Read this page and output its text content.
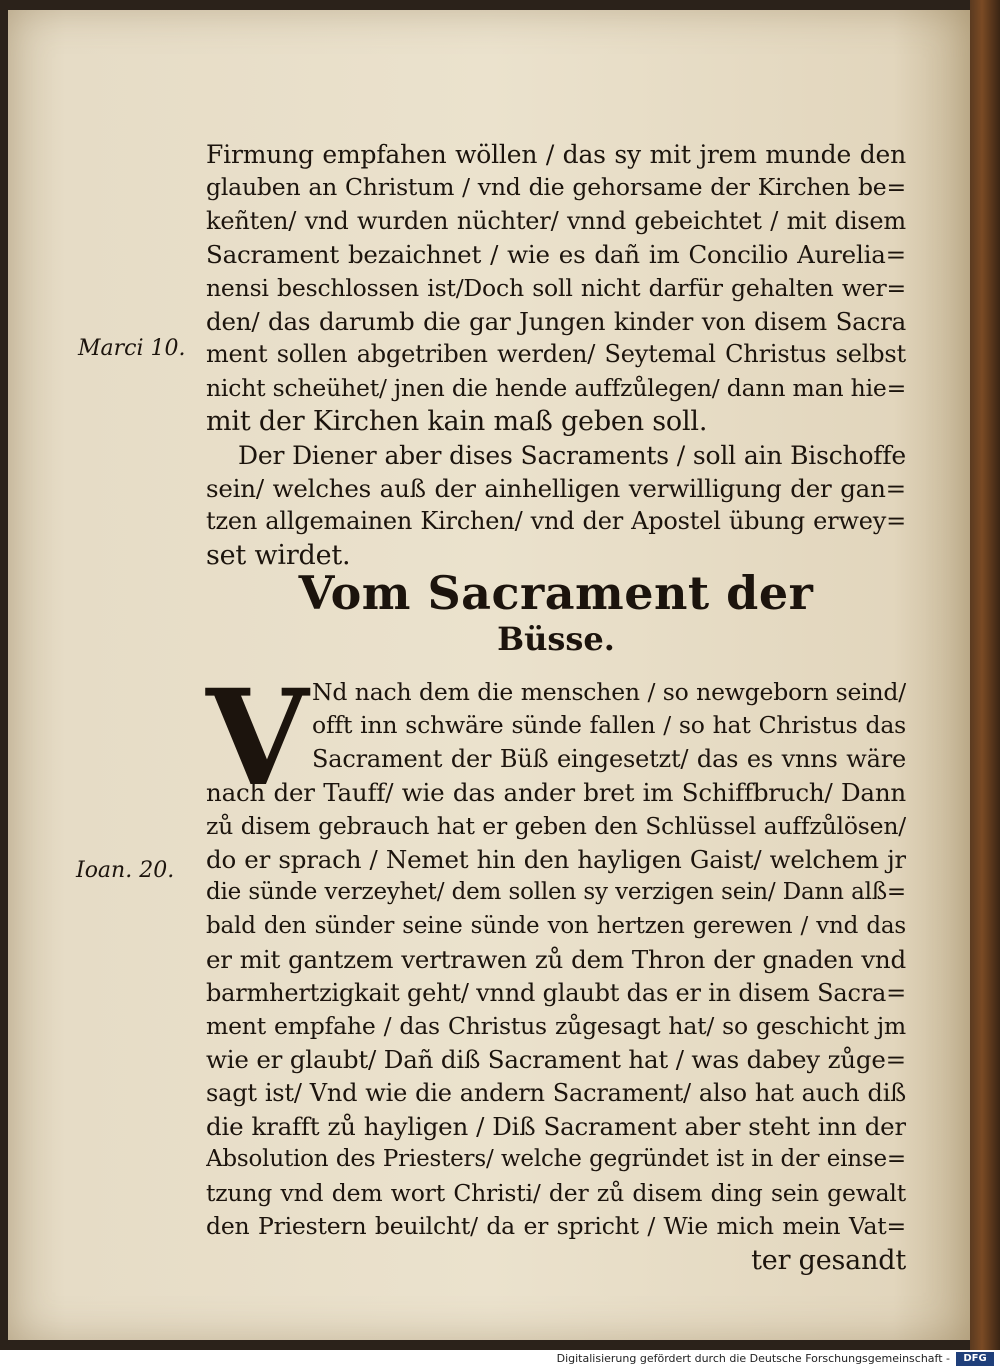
Firmung empfahen wöllen / das sy mit jrem munde den
glauben an Christum / vnd die gehorsame der Kirchen be=
keñten/ vnd wurden nüchter/ vnnd gebeichtet / mit disem
Sacrament bezaichnet / wie es dañ im Concilio Aurelia=
nensi beschlossen ist/Doch soll nicht darfür gehalten wer=
den/ das darumb die gar Jungen kinder von disem Sacra
ment sollen abgetriben werden/ Seytemal Christus selbst
nicht scheühet/ jnen die hende auffzůlegen/ dann man hie=
mit der Kirchen kain maß geben soll.
Der Diener aber dises Sacraments / soll ain Bischoffe
sein/ welches auß der ainhelligen verwilligung der gan=
tzen allgemainen Kirchen/ vnd der Apostel übung erwey=
set wirdet.
Vom Sacrament der
Büsse.
V Nd nach dem die menschen / so newgeborn seind/
offt inn schwäre sünde fallen / so hat Christus das
Sacrament der Büß eingesetzt/ das es vnns wäre
nach der Tauff/ wie das ander bret im Schiffbruch/ Dann
zů disem gebrauch hat er geben den Schlüssel auffzůlösen/
do er sprach / Nemet hin den hayligen Gaist/ welchem jr
die sünde verzeyhet/ dem sollen sy verzigen sein/ Dann alß=
bald den sünder seine sünde von hertzen gerewen / vnd das
er mit gantzem vertrawen zů dem Thron der gnaden vnd
barmhertzigkait geht/ vnnd glaubt das er in disem Sacra=
ment empfahe / das Christus zůgesagt hat/ so geschicht jm
wie er glaubt/ Dañ diß Sacrament hat / was dabey zůge=
sagt ist/ Vnd wie die andern Sacrament/ also hat auch diß
die krafft zů hayligen / Diß Sacrament aber steht inn der
Absolution des Priesters/ welche gegründet ist in der einse=
tzung vnd dem wort Christi/ der zů disem ding sein gewalt
den Priestern beuilcht/ da er spricht / Wie mich mein Vat=
ter gesandt
Marci 10.
Ioan. 20.
Digitalisierung gefördert durch die Deutsche Forschungsgemeinschaft -	DFG
